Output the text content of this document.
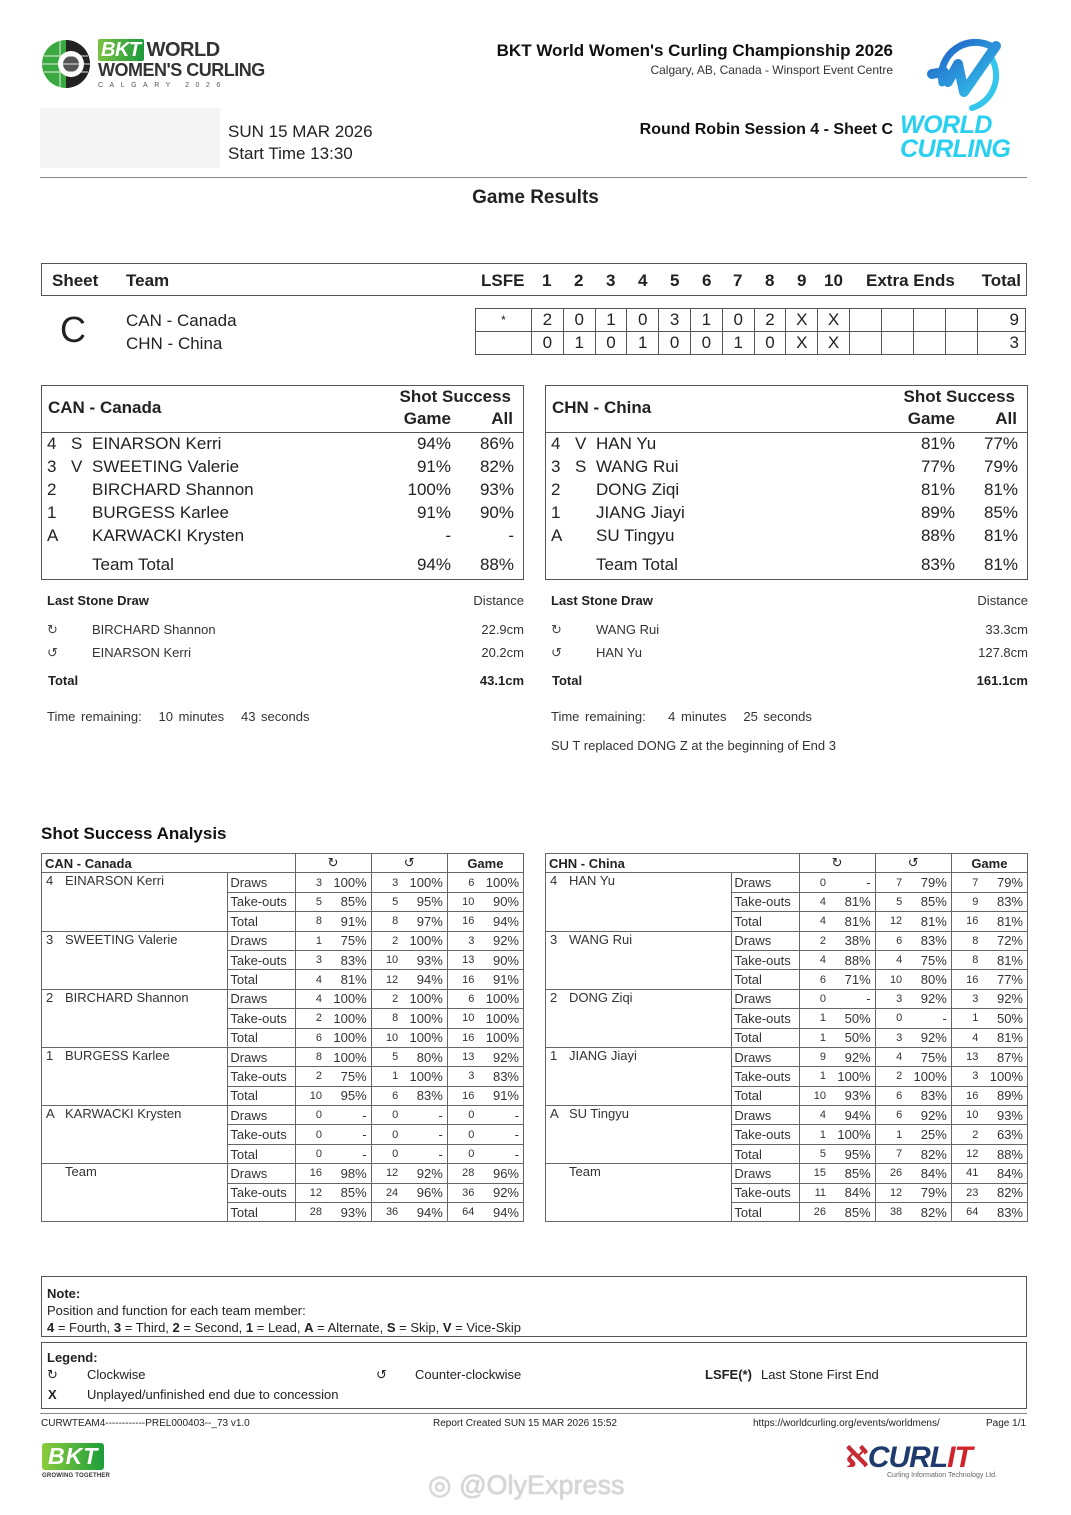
BKT WORLD
WOMEN'S CURLING
CALGARY 2026
SUN 15 MAR 2026
Start Time 13:30
BKT World Women's Curling Championship 2026
Calgary, AB, Canada - Winsport Event Centre
Round Robin Session 4 - Sheet C WORLD
CURLING
Game Results
Sheet Team	LSFE 1 2 3 4 5 6 7 8 9 10 Extra Ends Total
C CAN - Canada
CHN - China
*	2	0	1	0	3	1	0	2	X	X					9
	0	1	0	1	0	0	1	0	X	X					3
CAN - Canada
Shot Success
Game All
4 S EINARSON Kerri	94% 86%
3 V SWEETING Valerie	91% 82%
2 BIRCHARD Shannon	100% 93%
1 BURGESS Karlee	91% 90%
A KARWACKI Krysten	-	-
Team Total	94% 88%
CHN - China
Shot Success
Game All
4 V HAN Yu	81% 77%
3 S WANG Rui	77% 79%
2 DONG Ziqi	81% 81%
1 JIANG Jiayi	89% 85%
A SU Tingyu	88% 81%
Team Total	83% 81%
Last Stone Draw	Distance
↻	BIRCHARD Shannon	22.9cm
↺	EINARSON Kerri	20.2cm
Total	43.1cm
Time remaining:   10 minutes   43 seconds
Last Stone Draw	Distance
↻	WANG Rui	33.3cm
↺	HAN Yu	127.8cm
Total	161.1cm
Time remaining:    4 minutes   25 seconds
SU T replaced DONG Z at the beginning of End 3
Shot Success Analysis
CAN - Canada		↻		↺		Game	
4 EINARSON Kerri	Draws	3	100%	3	100%	6	100%
	Take-outs	5	85%	5	95%	10	90%
	Total	8	91%	8	97%	16	94%
3 SWEETING Valerie	Draws	1	75%	2	100%	3	92%
	Take-outs	3	83%	10	93%	13	90%
	Total	4	81%	12	94%	16	91%
2 BIRCHARD Shannon	Draws	4	100%	2	100%	6	100%
	Take-outs	2	100%	8	100%	10	100%
	Total	6	100%	10	100%	16	100%
1 BURGESS Karlee	Draws	8	100%	5	80%	13	92%
	Take-outs	2	75%	1	100%	3	83%
	Total	10	95%	6	83%	16	91%
A KARWACKI Krysten	Draws	0	-	0	-	0	-
	Take-outs	0	-	0	-	0	-
	Total	0	-	0	-	0	-
Team	Draws	16	98%	12	92%	28	96%
	Take-outs	12	85%	24	96%	36	92%
	Total	28	93%	36	94%	64	94%
CHN - China		↻		↺		Game	
4 HAN Yu	Draws	0	-	7	79%	7	79%
	Take-outs	4	81%	5	85%	9	83%
	Total	4	81%	12	81%	16	81%
3 WANG Rui	Draws	2	38%	6	83%	8	72%
	Take-outs	4	88%	4	75%	8	81%
	Total	6	71%	10	80%	16	77%
2 DONG Ziqi	Draws	0	-	3	92%	3	92%
	Take-outs	1	50%	0	-	1	50%
	Total	1	50%	3	92%	4	81%
1 JIANG Jiayi	Draws	9	92%	4	75%	13	87%
	Take-outs	1	100%	2	100%	3	100%
	Total	10	93%	6	83%	16	89%
A SU Tingyu	Draws	4	94%	6	92%	10	93%
	Take-outs	1	100%	1	25%	2	63%
	Total	5	95%	7	82%	12	88%
Team	Draws	15	85%	26	84%	41	84%
	Take-outs	11	84%	12	79%	23	82%
	Total	26	85%	38	82%	64	83%
Note:
Position and function for each team member:
4 = Fourth, 3 = Third, 2 = Second, 1 = Lead, A = Alternate, S = Skip, V = Vice-Skip
Legend:
↻ Clockwise	↺ Counter-clockwise	LSFE(*) Last Stone First End
X Unplayed/unfinished end due to concession
CURWTEAM4------------PREL000403--_73 v1.0	Report Created SUN 15 MAR 2026 15:52	https://worldcurling.org/events/worldmens/	Page 1/1
BKT
GROWING TOGETHER
ℵCURLIT
Curling Information Technology Ltd.
◎ @OlyExpress
